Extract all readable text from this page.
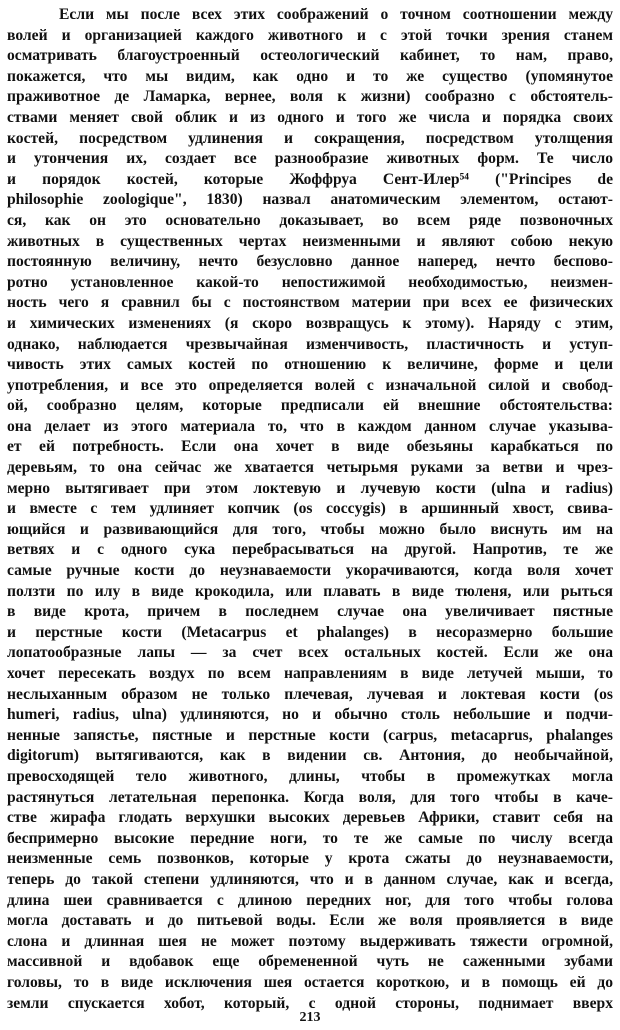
Если мы после всех этих соображений о точном соотношении между
волей и организацией каждого животного и с этой точки зрения станем
осматривать благоустроенный остеологический кабинет, то нам, право,
покажется, что мы видим, как одно и то же существо (упомянутое
праживотное де Ламарка, вернее, воля к жизни) сообразно с обстоятель-
ствами меняет свой облик и из одного и того же числа и порядка своих
костей, посредством удлинения и сокращения, посредством утолщения
и утончения их, создает все разнообразие животных форм. Те число
и порядок костей, которые Жоффруа Сент-Илер⁵⁴ ("Principes de
philosophie zoologique", 1830) назвал анатомическим элементом, остают-
ся, как он это основательно доказывает, во всем ряде позвоночных
животных в существенных чертах неизменными и являют собою некую
постоянную величину, нечто безусловно данное наперед, нечто беспово-
ротно установленное какой-то непостижимой необходимостью, неизмен-
ность чего я сравнил бы с постоянством материи при всех ее физических
и химических изменениях (я скоро возвращусь к этому). Наряду с этим,
однако, наблюдается чрезвычайная изменчивость, пластичность и уступ-
чивость этих самых костей по отношению к величине, форме и цели
употребления, и все это определяется волей с изначальной силой и свобод-
ой, сообразно целям, которые предписали ей внешние обстоятельства:
она делает из этого материала то, что в каждом данном случае указыва-
ет ей потребность. Если она хочет в виде обезьяны карабкаться по
деревьям, то она сейчас же хватается четырьмя руками за ветви и чрез-
мерно вытягивает при этом локтевую и лучевую кости (ulna и radius)
и вместе с тем удлиняет копчик (os coccygis) в аршинный хвост, свива-
ющийся и развивающийся для того, чтобы можно было виснуть им на
ветвях и с одного сука перебрасываться на другой. Напротив, те же
самые ручные кости до неузнаваемости укорачиваются, когда воля хочет
ползти по илу в виде крокодила, или плавать в виде тюленя, или рыться
в виде крота, причем в последнем случае она увеличивает пястные
и перстные кости (Metacarpus et phalanges) в несоразмерно большие
лопатообразные лапы — за счет всех остальных костей. Если же она
хочет пересекать воздух по всем направлениям в виде летучей мыши, то
неслыханным образом не только плечевая, лучевая и локтевая кости (os
humeri, radius, ulna) удлиняются, но и обычно столь небольшие и подчи-
ненные запястье, пястные и перстные кости (carpus, metacaprus, phalanges
digitorum) вытягиваются, как в видении св. Антония, до необычайной,
превосходящей тело животного, длины, чтобы в промежутках могла
растянуться летательная перепонка. Когда воля, для того чтобы в каче-
стве жирафа глодать верхушки высоких деревьев Африки, ставит себя на
беспримерно высокие передние ноги, то те же самые по числу всегда
неизменные семь позвонков, которые у крота сжаты до неузнаваемости,
теперь до такой степени удлиняются, что и в данном случае, как и всегда,
длина шеи сравнивается с длиною передних ног, для того чтобы голова
могла доставать и до питьевой воды. Если же воля проявляется в виде
слона и длинная шея не может поэтому выдерживать тяжести огромной,
массивной и вдобавок еще обремененной чуть не саженными зубами
головы, то в виде исключения шея остается короткою, и в помощь ей до
земли спускается хобот, который, с одной стороны, поднимает вверх
213
